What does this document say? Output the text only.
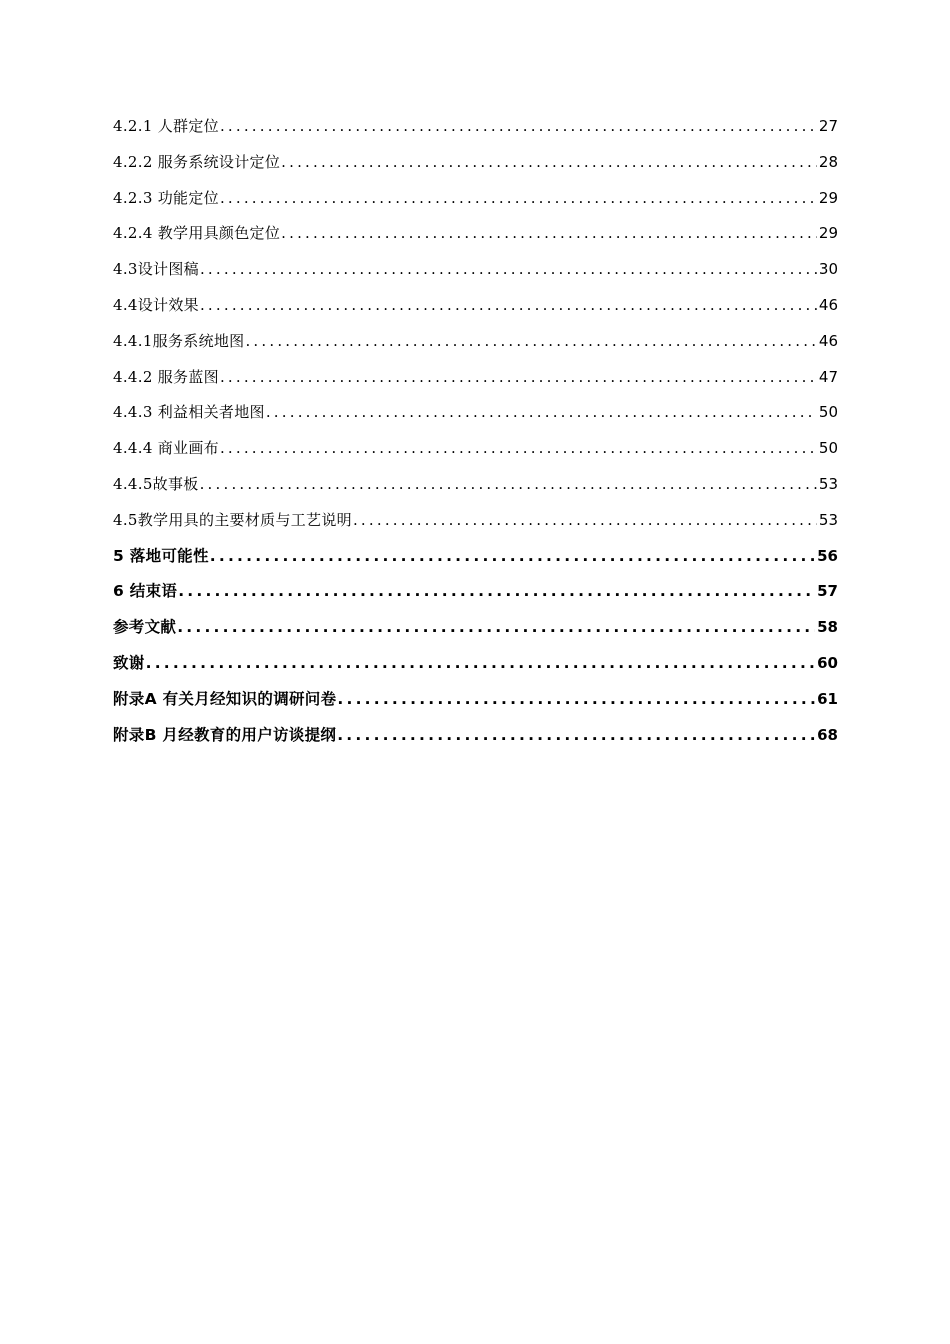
4.2.1 人群定位 .....	27
4.2.2 服务系统设计定位 .....	28
4.2.3 功能定位 .....	29
4.2.4 教学用具颜色定位 .....	29
4.3设计图稿 .....	30
4.4设计效果 .....	46
4.4.1服务系统地图 .....	46
4.4.2 服务蓝图 .....	47
4.4.3 利益相关者地图 .....	50
4.4.4 商业画布 .....	50
4.4.5故事板 .....	53
4.5教学用具的主要材质与工艺说明 .....	53
5 落地可能性 .....	56
6 结束语 .....	57
参考文献 .....	58
致谢 .....	60
附录A 有关月经知识的调研问卷 .....	61
附录B 月经教育的用户访谈提纲 .....	68
